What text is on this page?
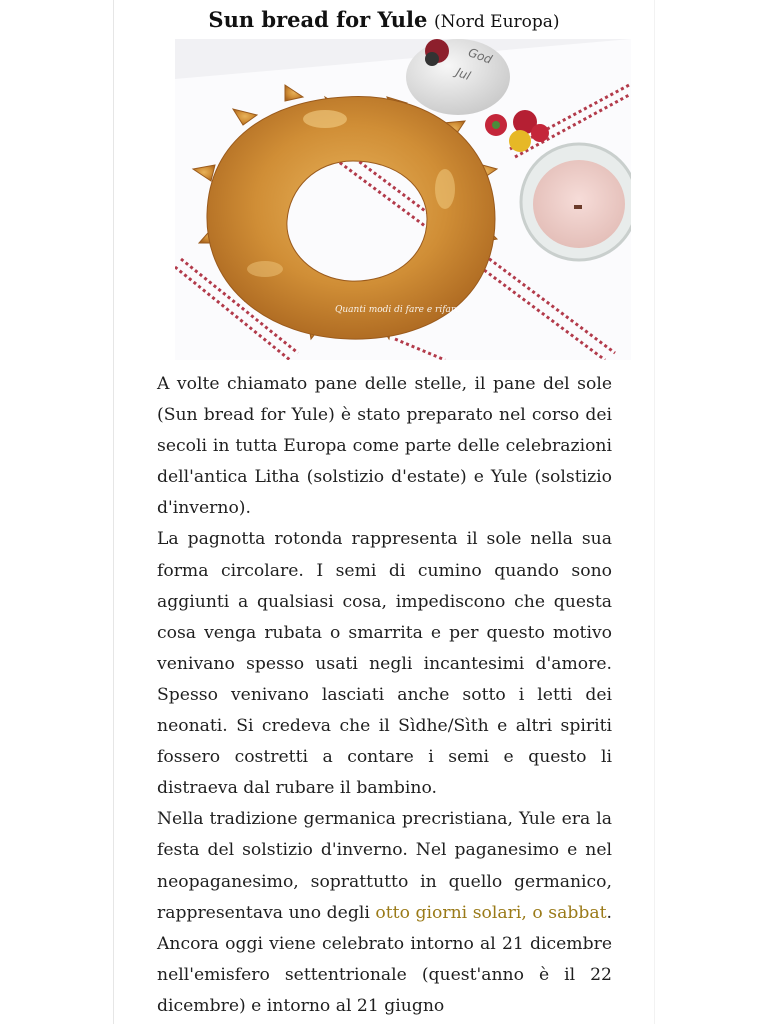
Sun bread for Yule (Nord Europa)
God
Jul
Quanti modi di fare e rifare

A volte chiamato pane delle stelle, il pane del sole (Sun bread for Yule) è stato preparato nel corso dei secoli in tutta Europa come parte delle celebrazioni dell'antica Litha (solstizio d'estate) e Yule (solstizio d'inverno).

La pagnotta rotonda rappresenta il sole nella sua forma circolare. I semi di cumino quando sono aggiunti a qualsiasi cosa, impediscono che questa cosa venga rubata o smarrita e per questo motivo venivano spesso usati negli incantesimi d'amore. Spesso venivano lasciati anche sotto i letti dei neonati. Si credeva che il Sìdhe/Sìth e altri spiriti fossero costretti a contare i semi e questo li distraeva dal rubare il bambino.

Nella tradizione germanica precristiana, Yule era la festa del solstizio d'inverno. Nel paganesimo e nel neopaganesimo, soprattutto in quello germanico, rappresentava uno degli otto giorni solari, o sabbat. Ancora oggi viene celebrato intorno al 21 dicembre nell'emisfero settentrionale (quest'anno è il 22 dicembre) e intorno al 21 giugno
